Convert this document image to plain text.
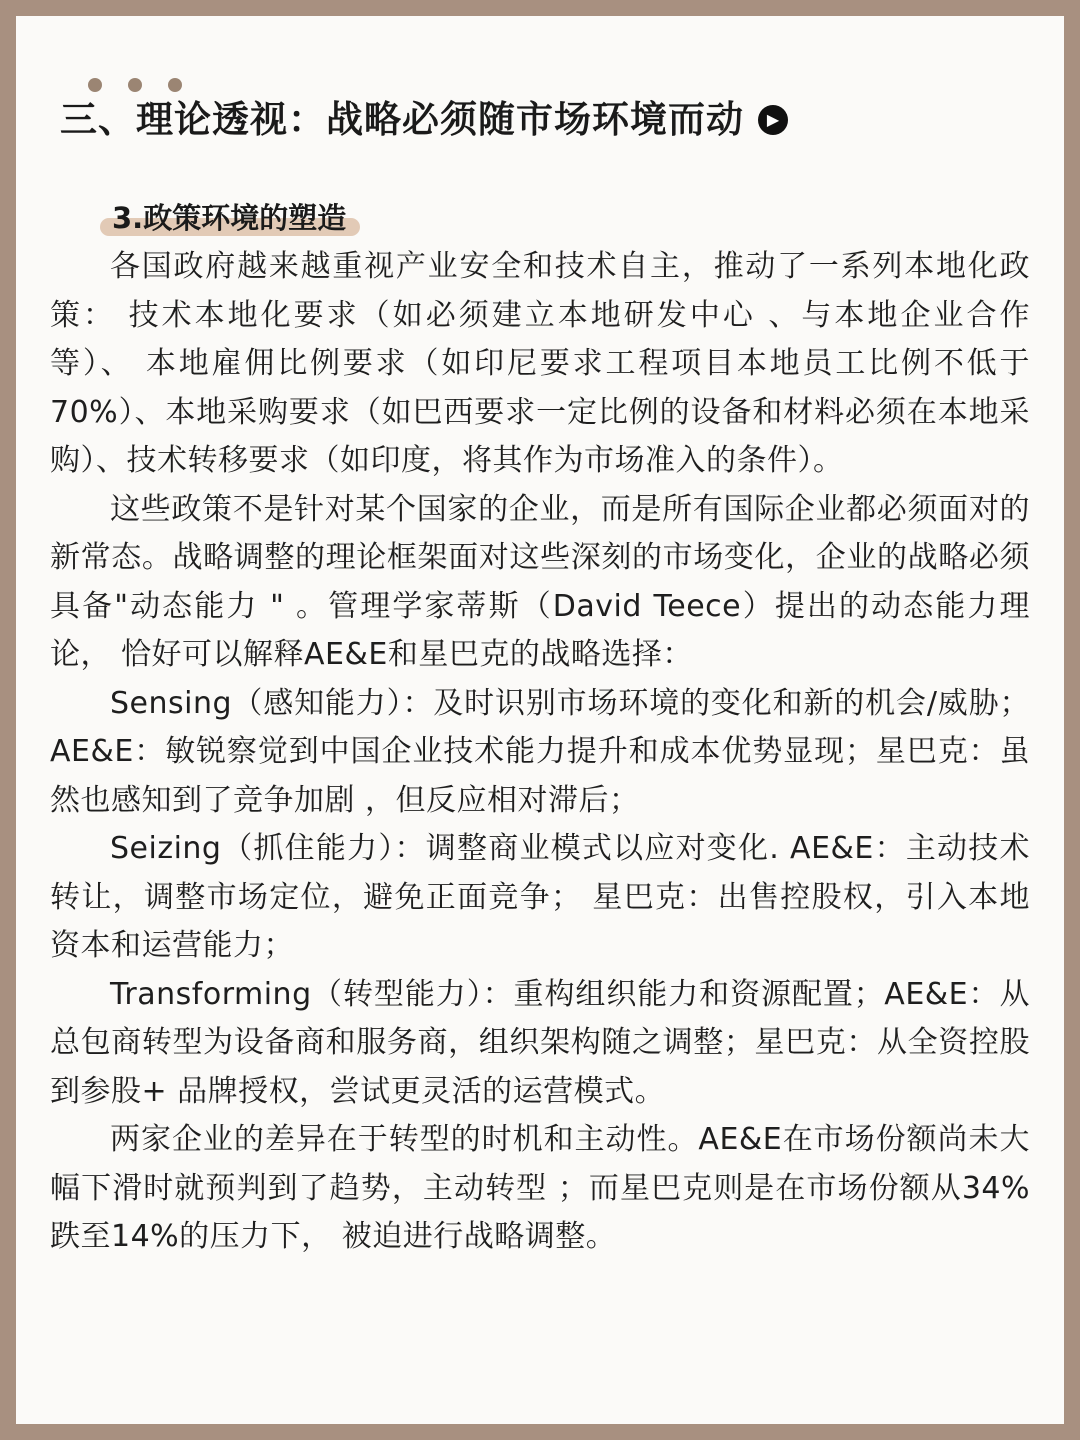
三、理论透视：战略必须随市场环境而动	▶
3.政策环境的塑造

各国政府越来越重视产业安全和技术自主，推动了一系列本地化政策： 技术本地化要求（如必须建立本地研发中心 、与本地企业合作等）、 本地雇佣比例要求（如印尼要求工程项目本地员工比例不低于70%）、本地采购要求（如巴西要求一定比例的设备和材料必须在本地采购）、技术转移要求（如印度，将其作为市场准入的条件）。

这些政策不是针对某个国家的企业，而是所有国际企业都必须面对的新常态。战略调整的理论框架面对这些深刻的市场变化，企业的战略必须具备"动态能力 " 。管理学家蒂斯（David Teece）提出的动态能力理论， 恰好可以解释AE&E和星巴克的战略选择：

Sensing（感知能力）：及时识别市场环境的变化和新的机会/威胁； AE&E：敏锐察觉到中国企业技术能力提升和成本优势显现；星巴克：虽然也感知到了竞争加剧 ，但反应相对滞后；

Seizing（抓住能力）：调整商业模式以应对变化. AE&E：主动技术转让，调整市场定位，避免正面竞争； 星巴克：出售控股权，引入本地资本和运营能力；

Transforming（转型能力）：重构组织能力和资源配置；AE&E：从总包商转型为设备商和服务商，组织架构随之调整；星巴克：从全资控股到参股+ 品牌授权，尝试更灵活的运营模式。

两家企业的差异在于转型的时机和主动性。AE&E在市场份额尚未大幅下滑时就预判到了趋势，主动转型 ；而星巴克则是在市场份额从34%跌至14%的压力下， 被迫进行战略调整。
